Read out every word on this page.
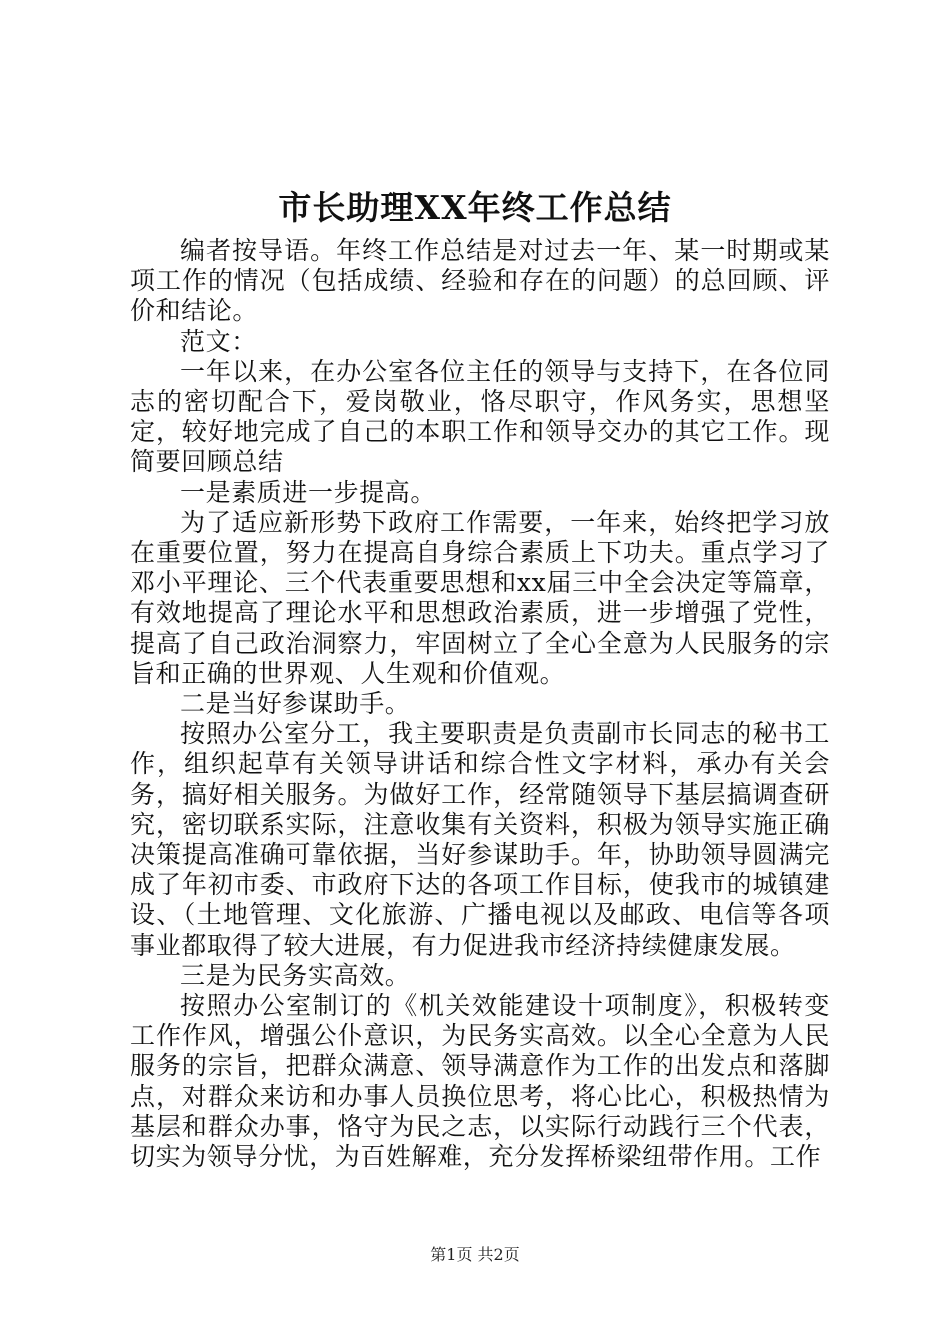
市长助理XX年终工作总结

编者按导语。年终工作总结是对过去一年、某一时期或某项工作的情况（包括成绩、经验和存在的问题）的总回顾、评价和结论。

范文：

一年以来，在办公室各位主任的领导与支持下，在各位同志的密切配合下，爱岗敬业，恪尽职守，作风务实，思想坚定，较好地完成了自己的本职工作和领导交办的其它工作。现简要回顾总结

一是素质进一步提高。

为了适应新形势下政府工作需要，一年来，始终把学习放在重要位置，努力在提高自身综合素质上下功夫。重点学习了邓小平理论、三个代表重要思想和xx届三中全会决定等篇章，有效地提高了理论水平和思想政治素质，进一步增强了党性，提高了自己政治洞察力，牢固树立了全心全意为人民服务的宗旨和正确的世界观、人生观和价值观。

二是当好参谋助手。

按照办公室分工，我主要职责是负责副市长同志的秘书工作，组织起草有关领导讲话和综合性文字材料，承办有关会务，搞好相关服务。为做好工作，经常随领导下基层搞调查研究，密切联系实际，注意收集有关资料，积极为领导实施正确决策提高准确可靠依据，当好参谋助手。年，协助领导圆满完成了年初市委、市政府下达的各项工作目标，使我市的城镇建设、（土地管理、文化旅游、广播电视以及邮政、电信等各项事业都取得了较大进展，有力促进我市经济持续健康发展。

三是为民务实高效。

按照办公室制订的《机关效能建设十项制度》，积极转变工作作风，增强公仆意识，为民务实高效。以全心全意为人民服务的宗旨，把群众满意、领导满意作为工作的出发点和落脚点，对群众来访和办事人员换位思考，将心比心，积极热情为基层和群众办事，恪守为民之志，以实际行动践行三个代表，切实为领导分忧，为百姓解难，充分发挥桥梁纽带作用。工作

第1页 共2页
